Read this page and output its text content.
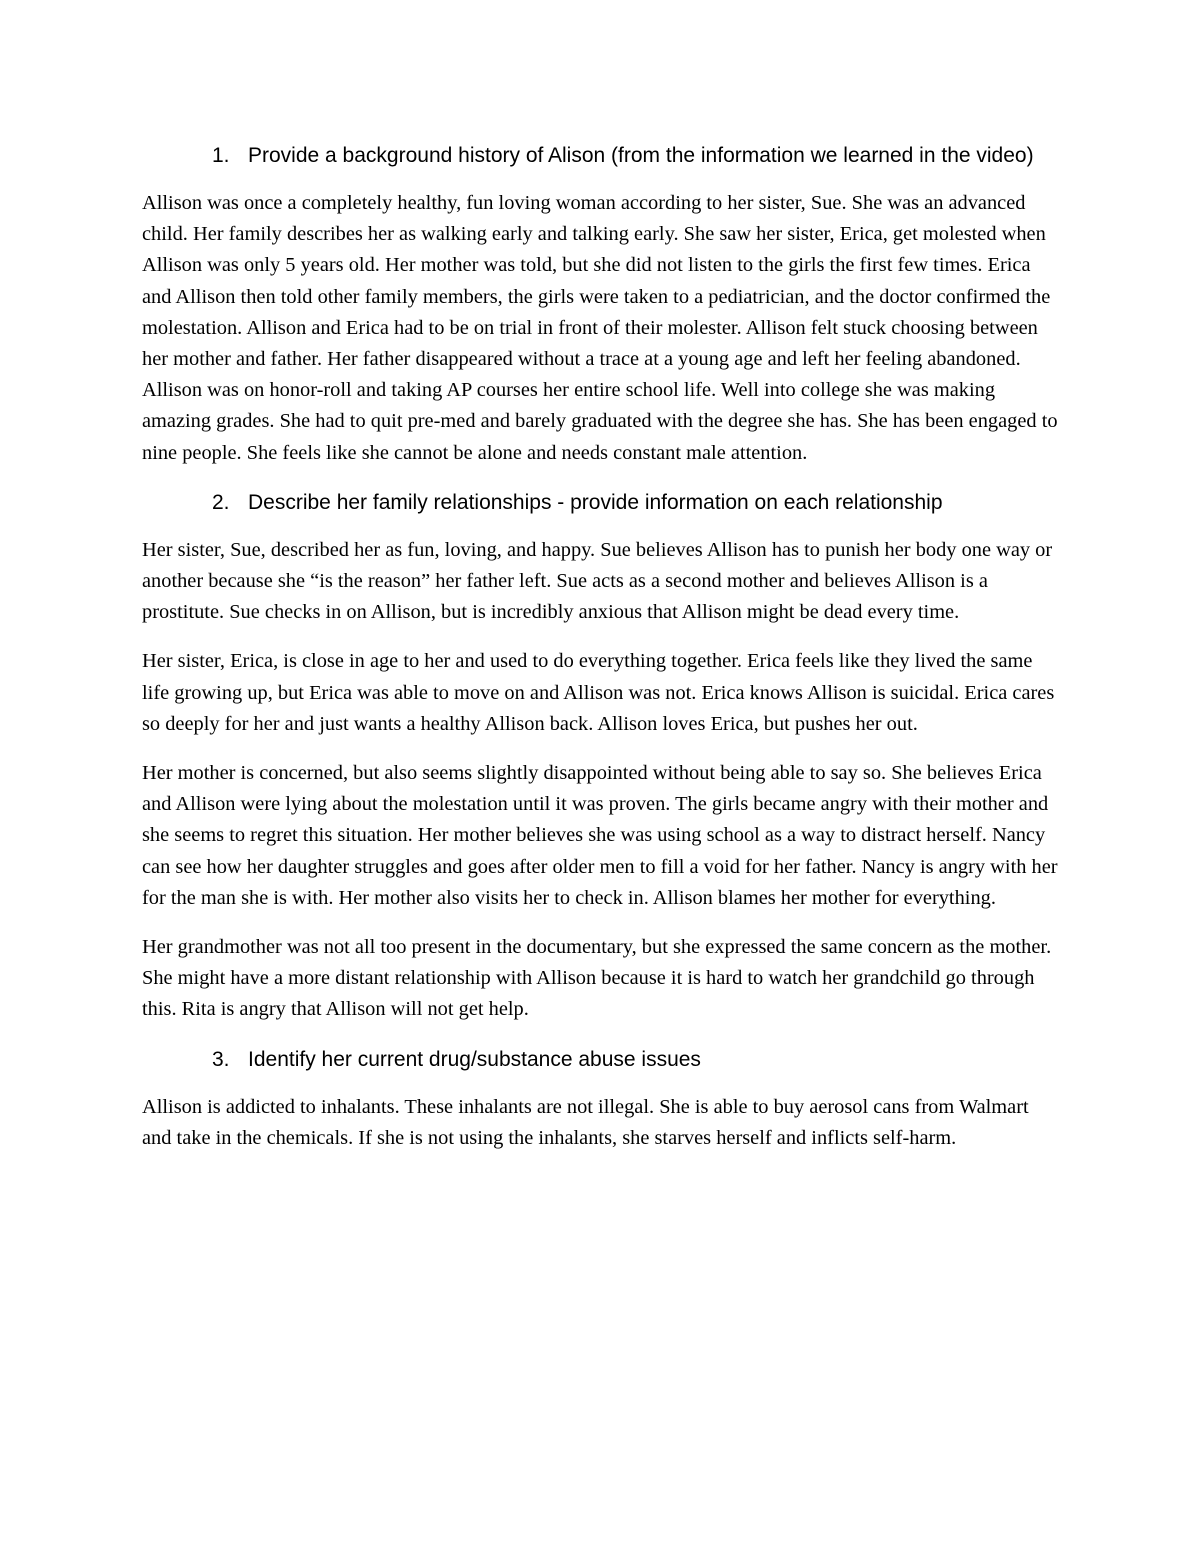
1. Provide a background history of Alison (from the information we learned in the video)

Allison was once a completely healthy, fun loving woman according to her sister, Sue. She was an advanced child. Her family describes her as walking early and talking early. She saw her sister, Erica, get molested when Allison was only 5 years old. Her mother was told, but she did not listen to the girls the first few times. Erica and Allison then told other family members, the girls were taken to a pediatrician, and the doctor confirmed the molestation. Allison and Erica had to be on trial in front of their molester. Allison felt stuck choosing between her mother and father. Her father disappeared without a trace at a young age and left her feeling abandoned. Allison was on honor-roll and taking AP courses her entire school life. Well into college she was making amazing grades. She had to quit pre-med and barely graduated with the degree she has. She has been engaged to nine people. She feels like she cannot be alone and needs constant male attention.

2. Describe her family relationships - provide information on each relationship

Her sister, Sue, described her as fun, loving, and happy. Sue believes Allison has to punish her body one way or another because she “is the reason” her father left. Sue acts as a second mother and believes Allison is a prostitute. Sue checks in on Allison, but is incredibly anxious that Allison might be dead every time.

Her sister, Erica, is close in age to her and used to do everything together. Erica feels like they lived the same life growing up, but Erica was able to move on and Allison was not. Erica knows Allison is suicidal. Erica cares so deeply for her and just wants a healthy Allison back. Allison loves Erica, but pushes her out.

Her mother is concerned, but also seems slightly disappointed without being able to say so. She believes Erica and Allison were lying about the molestation until it was proven. The girls became angry with their mother and she seems to regret this situation. Her mother believes she was using school as a way to distract herself. Nancy can see how her daughter struggles and goes after older men to fill a void for her father. Nancy is angry with her for the man she is with. Her mother also visits her to check in. Allison blames her mother for everything.

Her grandmother was not all too present in the documentary, but she expressed the same concern as the mother. She might have a more distant relationship with Allison because it is hard to watch her grandchild go through this. Rita is angry that Allison will not get help.

3. Identify her current drug/substance abuse issues

Allison is addicted to inhalants. These inhalants are not illegal. She is able to buy aerosol cans from Walmart and take in the chemicals. If she is not using the inhalants, she starves herself and inflicts self-harm.
